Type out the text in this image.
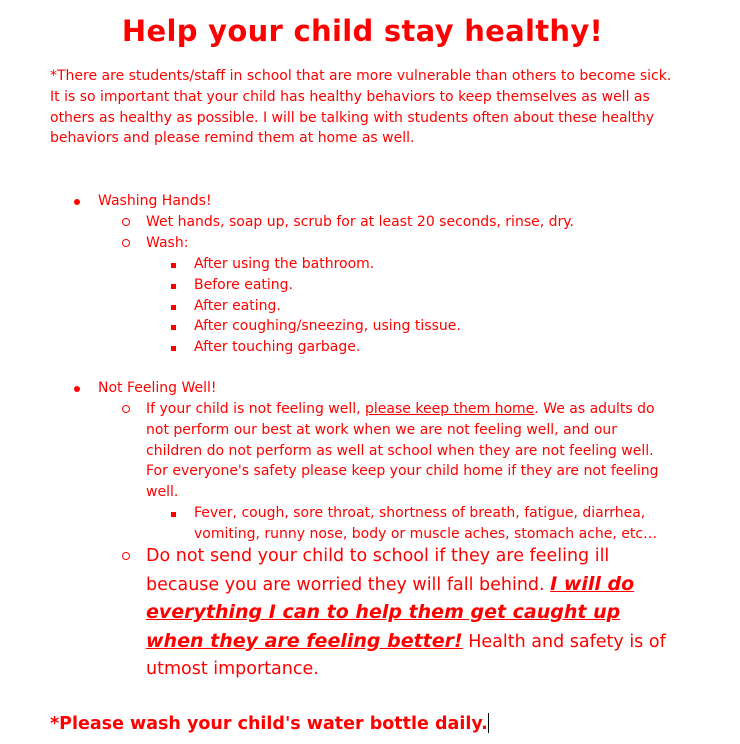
Help your child stay healthy!

*There are students/staff in school that are more vulnerable than others to become sick. It is so important that your child has healthy behaviors to keep themselves as well as others as healthy as possible. I will be talking with students often about these healthy behaviors and please remind them at home as well.

Washing Hands!
Wet hands, soap up, scrub for at least 20 seconds, rinse, dry.
Wash:
After using the bathroom.
Before eating.
After eating.
After coughing/sneezing, using tissue.
After touching garbage.
Not Feeling Well!
If your child is not feeling well, please keep them home. We as adults do not perform our best at work when we are not feeling well, and our children do not perform as well at school when they are not feeling well. For everyone's safety please keep your child home if they are not feeling well.
Fever, cough, sore throat, shortness of breath, fatigue, diarrhea, vomiting, runny nose, body or muscle aches, stomach ache, etc…

Do not send your child to school if they are feeling ill because you are worried they will fall behind. I will do everything I can to help them get caught up when they are feeling better! Health and safety is of utmost importance.

*Please wash your child's water bottle daily.
